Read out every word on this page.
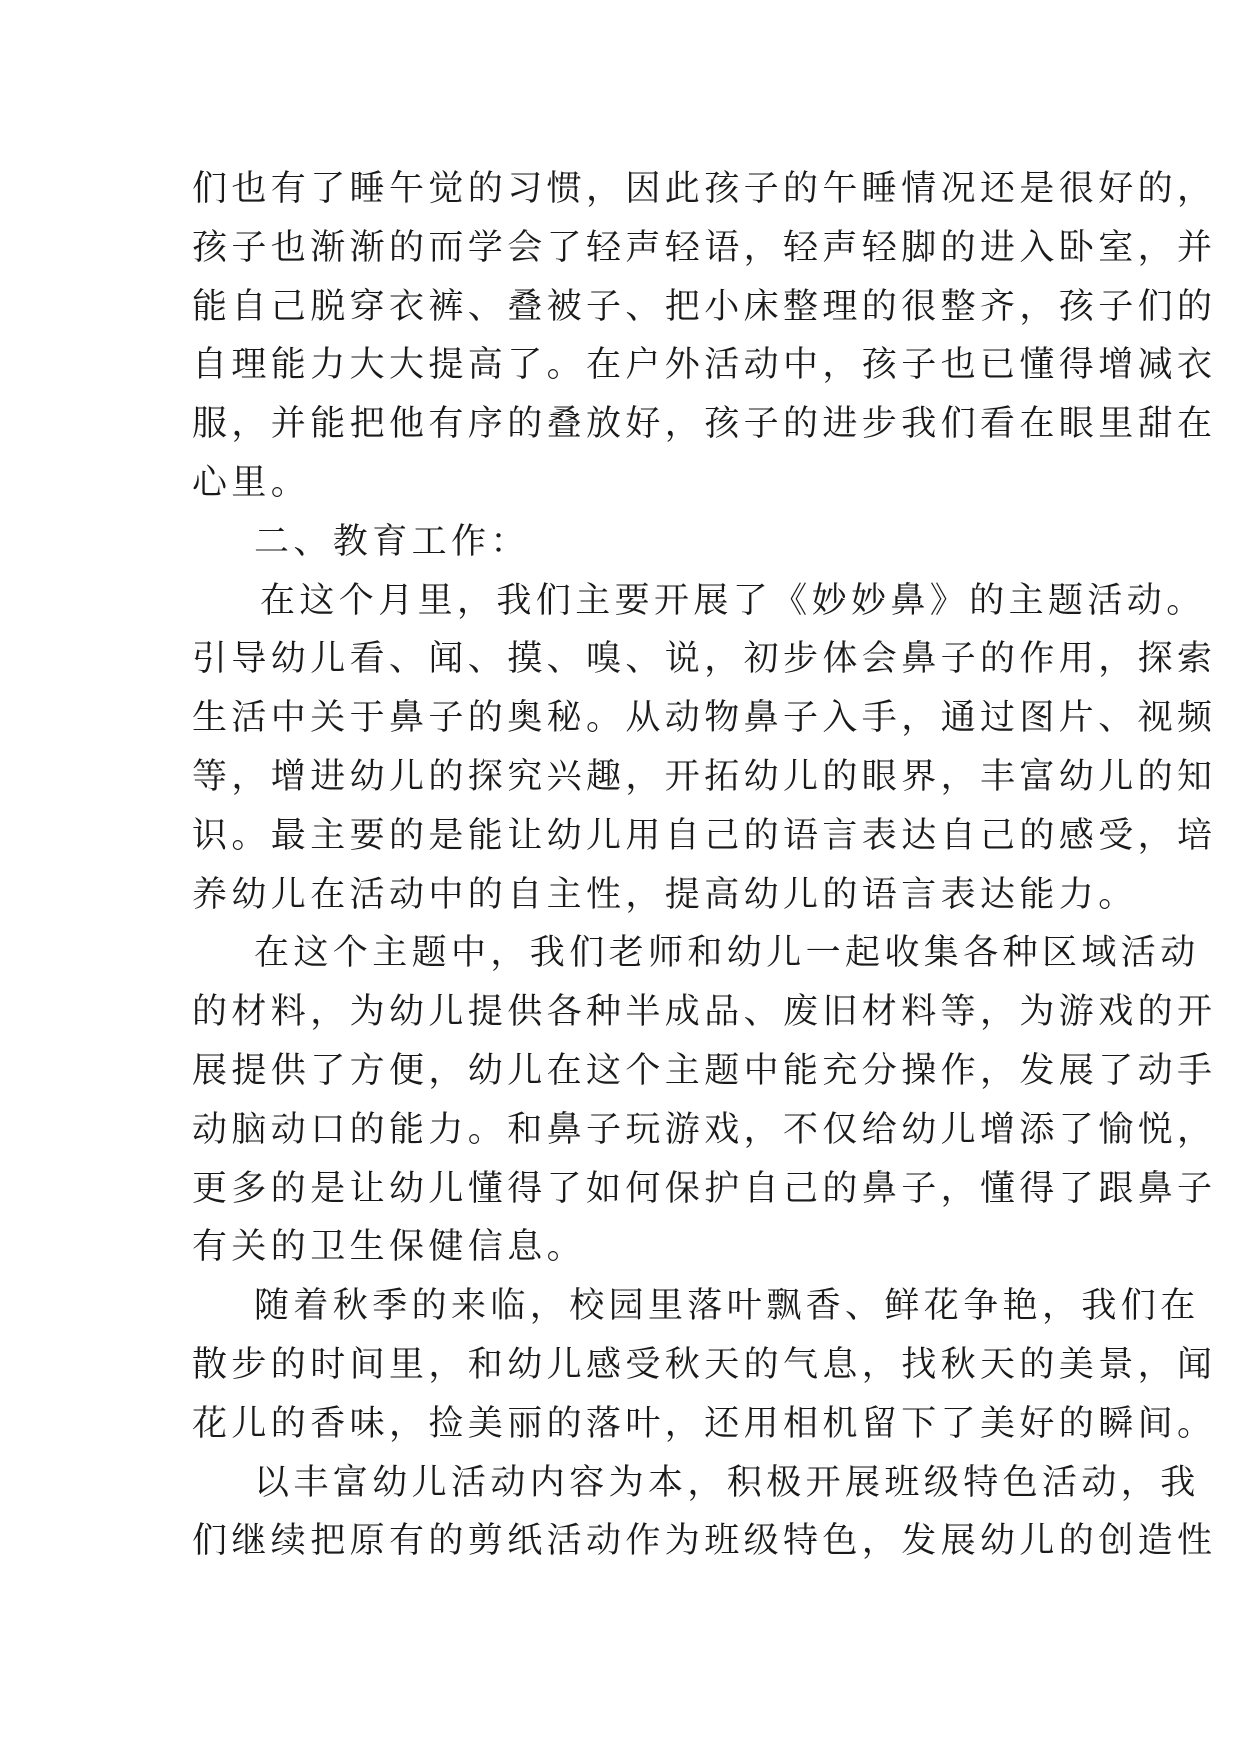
们也有了睡午觉的习惯，因此孩子的午睡情况还是很好的，
孩子也渐渐的而学会了轻声轻语，轻声轻脚的进入卧室，并
能自己脱穿衣裤、叠被子、把小床整理的很整齐，孩子们的
自理能力大大提高了。在户外活动中，孩子也已懂得增减衣
服，并能把他有序的叠放好，孩子的进步我们看在眼里甜在
心里。

二、教育工作：

在这个月里，我们主要开展了《妙妙鼻》的主题活动。
引导幼儿看、闻、摸、嗅、说，初步体会鼻子的作用，探索
生活中关于鼻子的奥秘。从动物鼻子入手，通过图片、视频
等，增进幼儿的探究兴趣，开拓幼儿的眼界，丰富幼儿的知
识。最主要的是能让幼儿用自己的语言表达自己的感受，培
养幼儿在活动中的自主性，提高幼儿的语言表达能力。

在这个主题中，我们老师和幼儿一起收集各种区域活动
的材料，为幼儿提供各种半成品、废旧材料等，为游戏的开
展提供了方便，幼儿在这个主题中能充分操作，发展了动手
动脑动口的能力。和鼻子玩游戏，不仅给幼儿增添了愉悦，
更多的是让幼儿懂得了如何保护自己的鼻子，懂得了跟鼻子
有关的卫生保健信息。

随着秋季的来临，校园里落叶飘香、鲜花争艳，我们在
散步的时间里，和幼儿感受秋天的气息，找秋天的美景，闻
花儿的香味，捡美丽的落叶，还用相机留下了美好的瞬间。

以丰富幼儿活动内容为本，积极开展班级特色活动，我
们继续把原有的剪纸活动作为班级特色，发展幼儿的创造性
